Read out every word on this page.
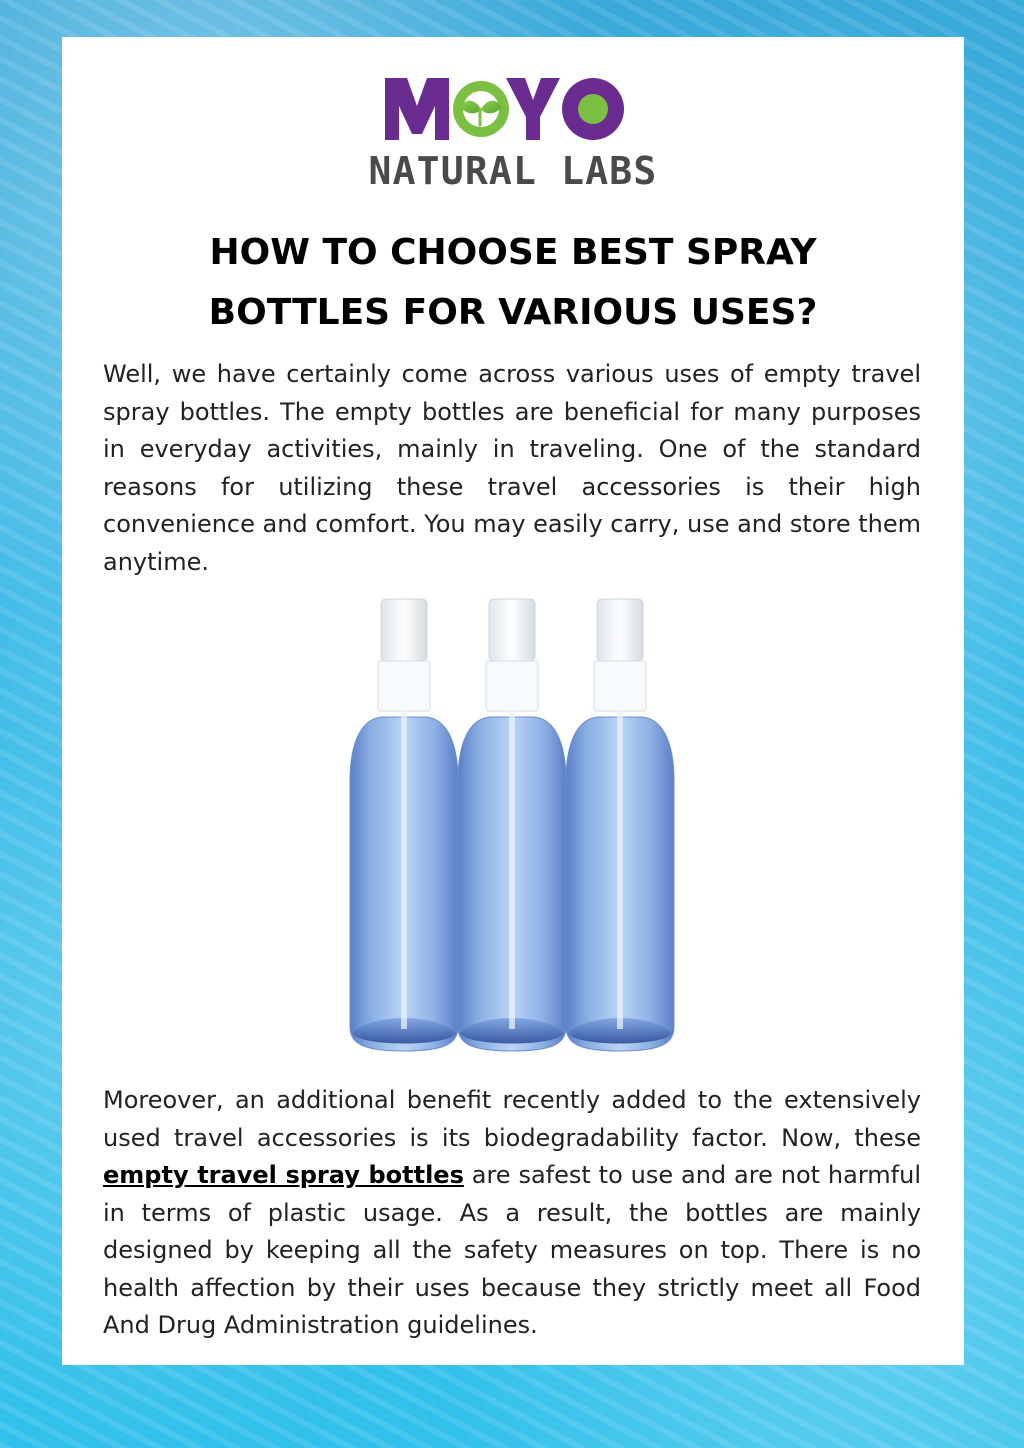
NATURAL LABS
HOW TO CHOOSE BEST SPRAY BOTTLES FOR VARIOUS USES?

Well, we have certainly come across various uses of empty travel spray bottles. The empty bottles are beneficial for many purposes in everyday activities, mainly in traveling. One of the standard reasons for utilizing these travel accessories is their high convenience and comfort. You may easily carry, use and store them anytime.

Moreover, an additional benefit recently added to the extensively used travel accessories is its biodegradability factor. Now, these empty travel spray bottles are safest to use and are not harmful in terms of plastic usage. As a result, the bottles are mainly designed by keeping all the safety measures on top. There is no health affection by their uses because they strictly meet all Food And Drug Administration guidelines.
